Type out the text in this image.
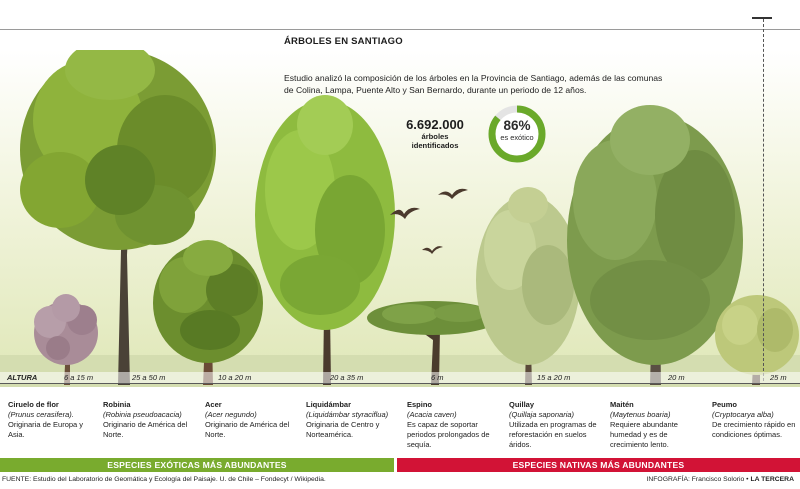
ÁRBOLES EN SANTIAGO
Estudio analizó la composición de los árboles en la Provincia de Santiago, además de las comunas de Colina, Lampa, Puente Alto y San Bernardo, durante un periodo de 12 años.
6.692.000
árboles
identificados
86%
es exótico
ALTURA	6 a 15 m	25 a 50 m	10 a 20 m	20 a 35 m	6 m	15 a 20 m	20 m	25 m
Ciruelo de flor
(Prunus cerasifera).
Originaria de Europa y Asia.
Robinia
(Robinia pseudoacacia)
Originario de América del Norte.
Acer
(Acer negundo)
Originario de América del Norte.
Liquidámbar
(Liquidámbar styraciflua)
Originaria de Centro y Norteamérica.
Espino
(Acacia caven)
Es capaz de soportar periodos prolongados de sequía.
Quillay
(Quillaja saponaria)
Utilizada en programas de reforestación en suelos áridos.
Maitén
(Maytenus boaria)
Requiere abundante humedad y es de crecimiento lento.
Peumo
(Cryptocarya alba)
De crecimiento rápido en condiciones óptimas.
ESPECIES EXÓTICAS MÁS ABUNDANTES	ESPECIES NATIVAS MÁS ABUNDANTES
FUENTE: Estudio del Laboratorio de Geomática y Ecología del Paisaje. U. de Chile – Fondecyt / Wikipedia.	INFOGRAFÍA: Francisco Solorio • LA TERCERA
